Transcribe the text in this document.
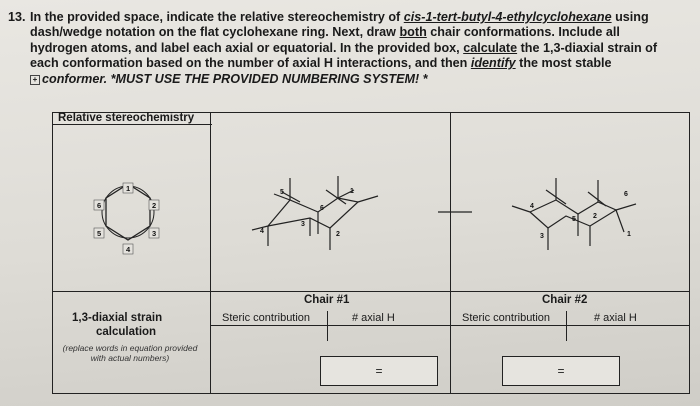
13. In the provided space, indicate the relative stereochemistry of cis-1-tert-butyl-4-ethylcyclohexane using
dash/wedge notation on the flat cyclohexane ring. Next, draw both chair conformations. Include all
hydrogen atoms, and label each axial or equatorial. In the provided box, calculate the 1,3-diaxial strain of
each conformation based on the number of axial H interactions, and then identify the most stable
+ conformer. *MUST USE THE PROVIDED NUMBERING SYSTEM! *
Relative stereochemistry
Chair #1	Chair #2
1,3-diaxial strain
calculation
(replace words in equation provided
with actual numbers)
Steric contribution	# axial H	Steric contribution	# axial H
=	=
1
2
3
4
5
6
5	1
6
3
4	2
6
4
5 2
3	1
